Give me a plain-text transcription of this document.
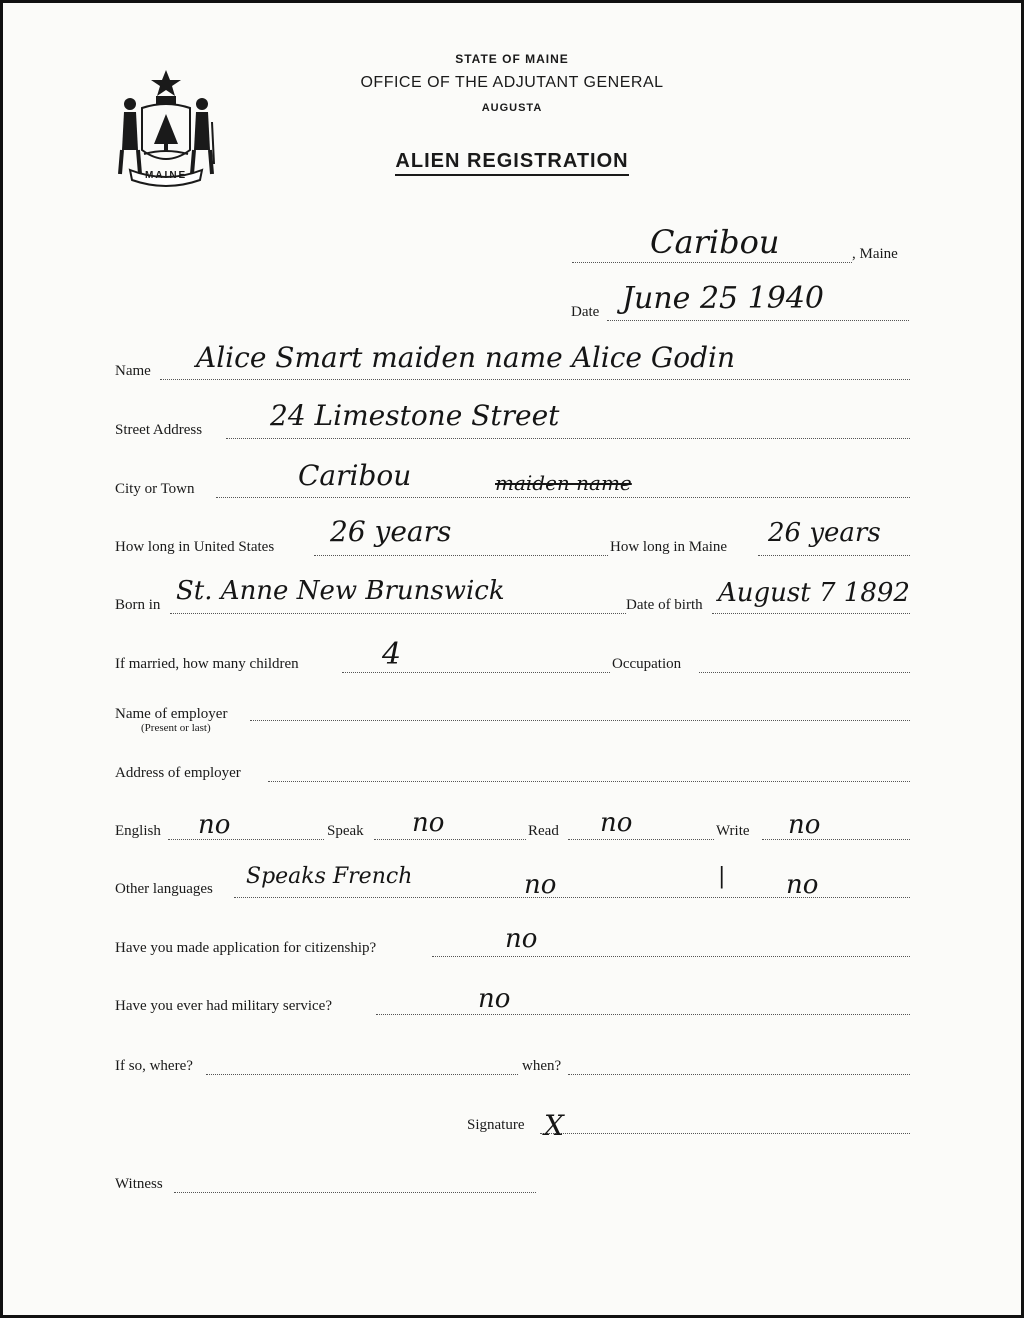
MAINE
STATE OF MAINE
OFFICE OF THE ADJUTANT GENERAL
AUGUSTA
ALIEN REGISTRATION
Caribou	, Maine
Date June 25 1940
Name Alice Smart maiden name Alice Godin
Street Address 24 Limestone Street
City or Town	Caribou	maiden name
How long in United States 26 years	How long in Maine 26 years
Born in St. Anne New Brunswick	Date of birth August 7 1892
If married, how many children	4	Occupation
Name of employer
(Present or last)
Address of employer
English no	Speak no	Read no	Write no
Other languages Speaks French	no	| no
Have you made application for citizenship?	no
Have you ever had military service?	no
If so, where?	when?
Signature X
Witness
